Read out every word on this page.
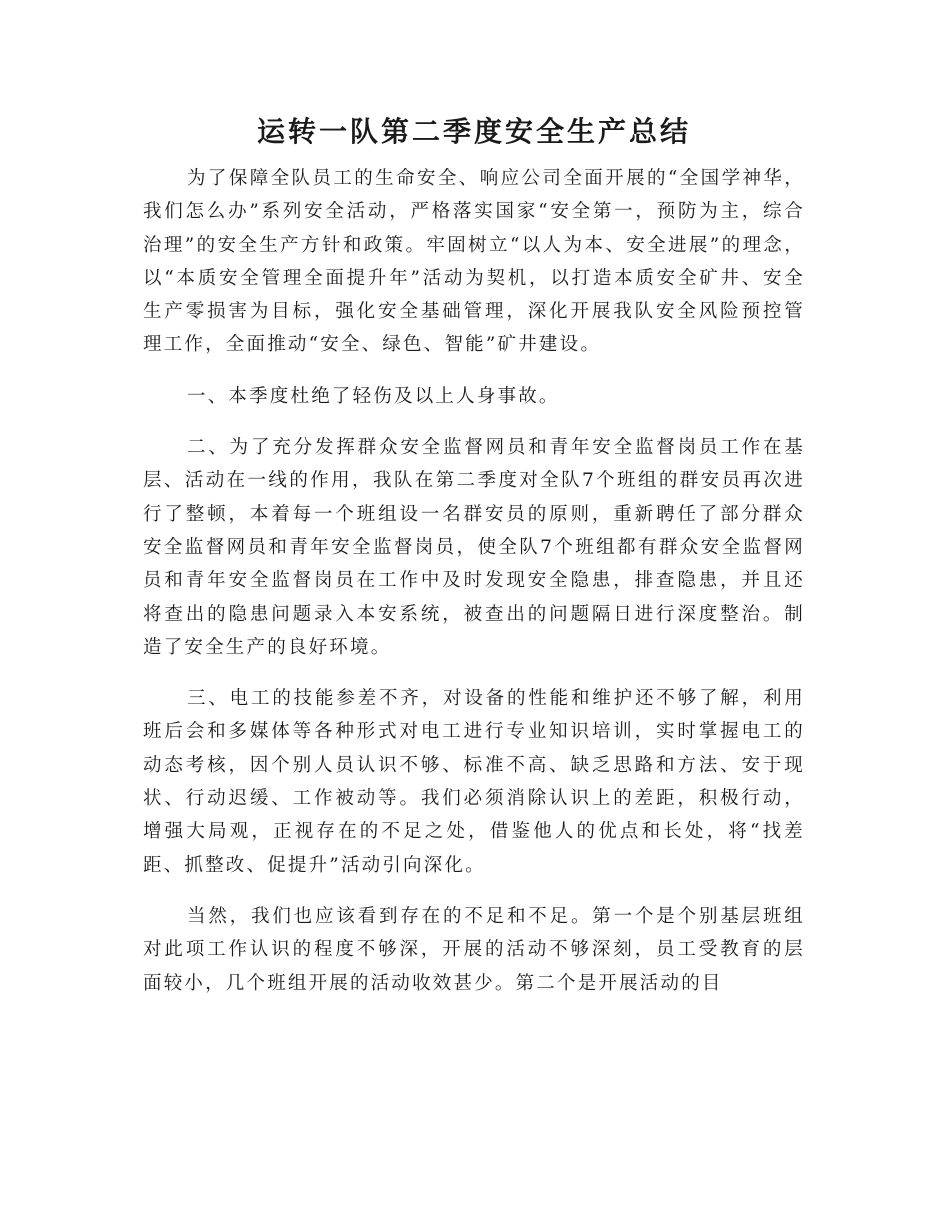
运转一队第二季度安全生产总结

为了保障全队员工的生命安全、响应公司全面开展的“全国学神华，我们怎么办”系列安全活动，严格落实国家“安全第一，预防为主，综合治理”的安全生产方针和政策。牢固树立“以人为本、安全进展”的理念，以“本质安全管理全面提升年”活动为契机，以打造本质安全矿井、安全生产零损害为目标，强化安全基础管理，深化开展我队安全风险预控管理工作，全面推动“安全、绿色、智能”矿井建设。

一、本季度杜绝了轻伤及以上人身事故。

二、为了充分发挥群众安全监督网员和青年安全监督岗员工作在基层、活动在一线的作用，我队在第二季度对全队7个班组的群安员再次进行了整顿，本着每一个班组设一名群安员的原则，重新聘任了部分群众安全监督网员和青年安全监督岗员，使全队7个班组都有群众安全监督网员和青年安全监督岗员在工作中及时发现安全隐患，排查隐患，并且还将查出的隐患问题录入本安系统，被查出的问题隔日进行深度整治。制造了安全生产的良好环境。

三、电工的技能参差不齐，对设备的性能和维护还不够了解，利用班后会和多媒体等各种形式对电工进行专业知识培训，实时掌握电工的动态考核，因个别人员认识不够、标准不高、缺乏思路和方法、安于现状、行动迟缓、工作被动等。我们必须消除认识上的差距，积极行动，增强大局观，正视存在的不足之处，借鉴他人的优点和长处，将“找差距、抓整改、促提升”活动引向深化。

当然，我们也应该看到存在的不足和不足。第一个是个别基层班组对此项工作认识的程度不够深，开展的活动不够深刻，员工受教育的层面较小，几个班组开展的活动收效甚少。第二个是开展活动的目
